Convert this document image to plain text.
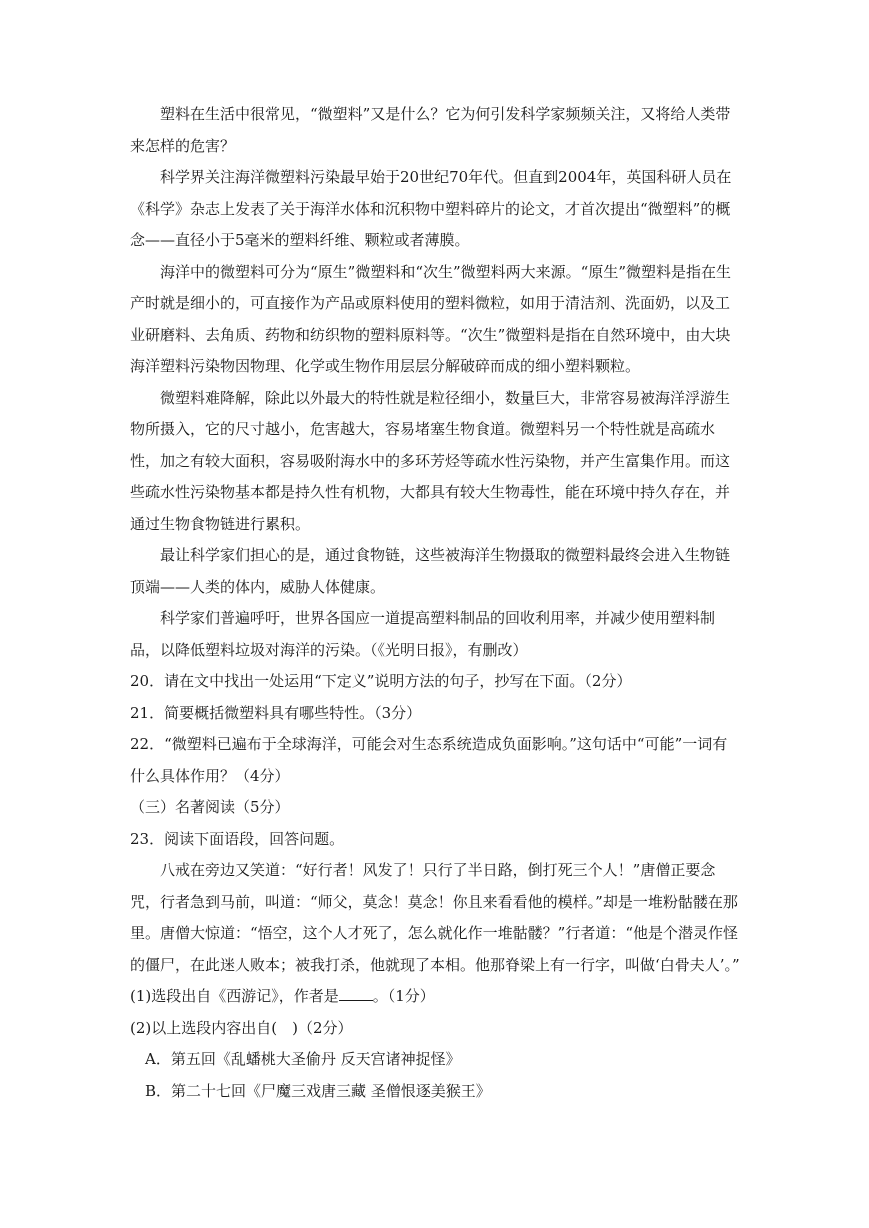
塑料在生活中很常见，“微塑料”又是什么？它为何引发科学家频频关注，又将给人类带来怎样的危害？

科学界关注海洋微塑料污染最早始于20世纪70年代。但直到2004年，英国科研人员在《科学》杂志上发表了关于海洋水体和沉积物中塑料碎片的论文，才首次提出“微塑料”的概念——直径小于5毫米的塑料纤维、颗粒或者薄膜。

海洋中的微塑料可分为“原生”微塑料和“次生”微塑料两大来源。“原生”微塑料是指在生产时就是细小的，可直接作为产品或原料使用的塑料微粒，如用于清洁剂、洗面奶，以及工业研磨料、去角质、药物和纺织物的塑料原料等。“次生”微塑料是指在自然环境中，由大块海洋塑料污染物因物理、化学或生物作用层层分解破碎而成的细小塑料颗粒。

微塑料难降解，除此以外最大的特性就是粒径细小，数量巨大，非常容易被海洋浮游生物所摄入，它的尺寸越小，危害越大，容易堵塞生物食道。微塑料另一个特性就是高疏水性，加之有较大面积，容易吸附海水中的多环芳烃等疏水性污染物，并产生富集作用。而这些疏水性污染物基本都是持久性有机物，大都具有较大生物毒性，能在环境中持久存在，并通过生物食物链进行累积。

最让科学家们担心的是，通过食物链，这些被海洋生物摄取的微塑料最终会进入生物链顶端——人类的体内，威胁人体健康。

科学家们普遍呼吁，世界各国应一道提高塑料制品的回收利用率，并减少使用塑料制品，以降低塑料垃圾对海洋的污染。（《光明日报》，有删改）

20．请在文中找出一处运用“下定义”说明方法的句子，抄写在下面。（2分）

21．简要概括微塑料具有哪些特性。（3分）

22．“微塑料已遍布于全球海洋，可能会对生态系统造成负面影响。”这句话中“可能”一词有什么具体作用？（4分）

（三）名著阅读（5分）

23．阅读下面语段，回答问题。

八戒在旁边又笑道：“好行者！风发了！只行了半日路，倒打死三个人！”唐僧正要念咒，行者急到马前，叫道：“师父，莫念！莫念！你且来看看他的模样。”却是一堆粉骷髅在那里。唐僧大惊道：“悟空，这个人才死了，怎么就化作一堆骷髅？”行者道：“他是个潜灵作怪的僵尸，在此迷人败本；被我打杀，他就现了本相。他那脊梁上有一行字，叫做‘白骨夫人’。”

(1)选段出自《西游记》，作者是 。（1分）

(2)以上选段内容出自(　)（2分）

A．第五回《乱蟠桃大圣偷丹 反天宫诸神捉怪》

B．第二十七回《尸魔三戏唐三藏 圣僧恨逐美猴王》
